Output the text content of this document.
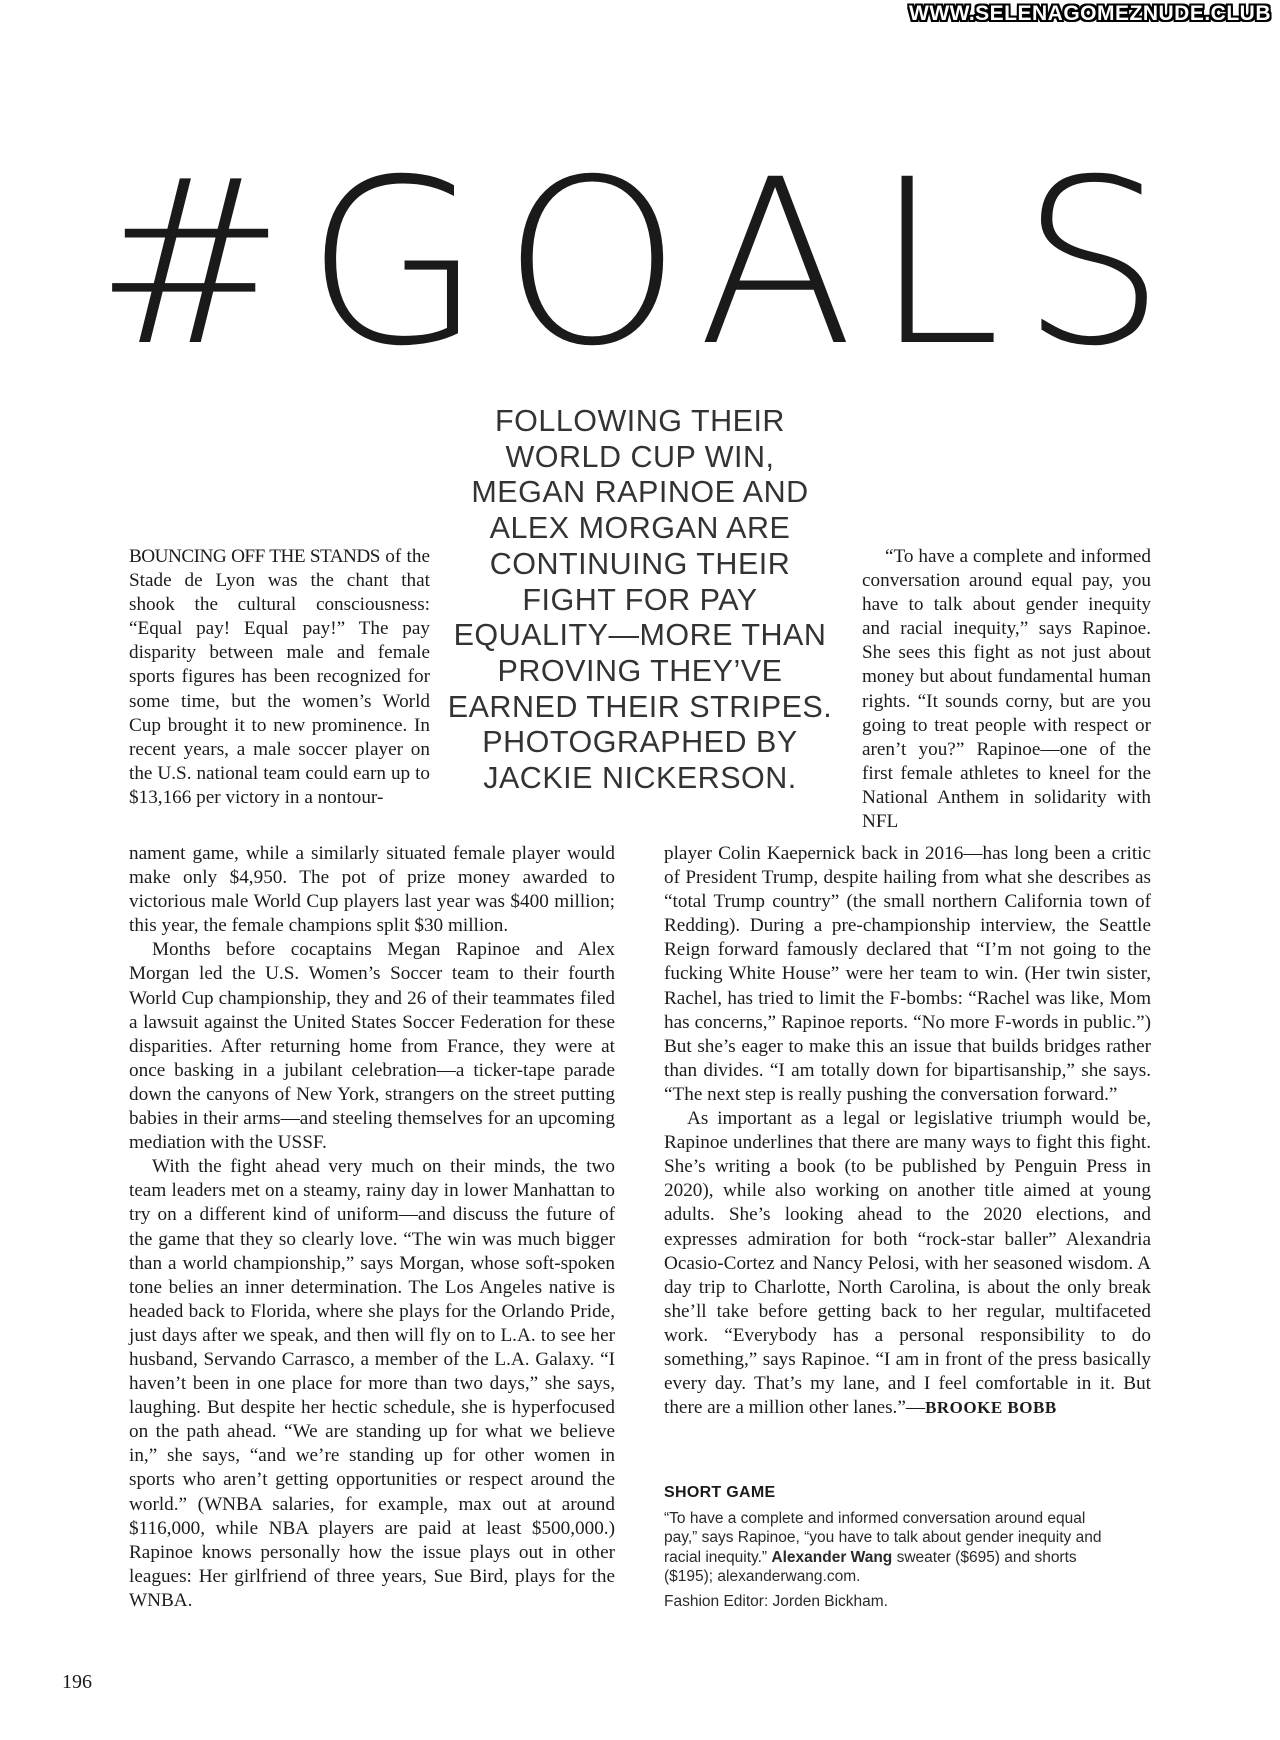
WWW.SELENAGOMEZNUDE.CLUB
#GOALS
FOLLOWING THEIR
WORLD CUP WIN,
MEGAN RAPINOE AND
ALEX MORGAN ARE
CONTINUING THEIR
FIGHT FOR PAY
EQUALITY—MORE THAN
PROVING THEY’VE
EARNED THEIR STRIPES.
PHOTOGRAPHED BY
JACKIE NICKERSON.

BOUNCING OFF THE STANDS of the Stade de Lyon was the chant that shook the cultural consciousness: “Equal pay! Equal pay!” The pay disparity between male and female sports figures has been recognized for some time, but the women’s World Cup brought it to new prominence. In recent years, a male soccer player on the U.S. national team could earn up to $13,166 per victory in a nontour-

nament game, while a similarly situated female player would make only $4,950. The pot of prize money awarded to victorious male World Cup players last year was $400 million; this year, the female champions split $30 million.

Months before cocaptains Megan Rapinoe and Alex Morgan led the U.S. Women’s Soccer team to their fourth World Cup championship, they and 26 of their teammates filed a lawsuit against the United States Soccer Federation for these disparities. After returning home from France, they were at once basking in a jubilant celebration—a ticker-tape parade down the canyons of New York, strangers on the street putting babies in their arms—and steeling themselves for an upcoming mediation with the USSF.

With the fight ahead very much on their minds, the two team leaders met on a steamy, rainy day in lower Manhattan to try on a different kind of uniform—and discuss the future of the game that they so clearly love. “The win was much bigger than a world championship,” says Morgan, whose soft-spoken tone belies an inner determination. The Los Angeles native is headed back to Florida, where she plays for the Orlando Pride, just days after we speak, and then will fly on to L.A. to see her husband, Servando Carrasco, a member of the L.A. Galaxy. “I haven’t been in one place for more than two days,” she says, laughing. But despite her hectic schedule, she is hyperfocused on the path ahead. “We are standing up for what we believe in,” she says, “and we’re standing up for other women in sports who aren’t getting opportunities or respect around the world.” (WNBA salaries, for example, max out at around $116,000, while NBA players are paid at least $500,000.) Rapinoe knows personally how the issue plays out in other leagues: Her girlfriend of three years, Sue Bird, plays for the WNBA.

“To have a complete and informed conversation around equal pay, you have to talk about gender inequity and racial inequity,” says Rapinoe. She sees this fight as not just about money but about fundamental human rights. “It sounds corny, but are you going to treat people with respect or aren’t you?” Rapinoe—one of the first female athletes to kneel for the National Anthem in solidarity with NFL

player Colin Kaepernick back in 2016—has long been a critic of President Trump, despite hailing from what she describes as “total Trump country” (the small northern California town of Redding). During a pre-championship interview, the Seattle Reign forward famously declared that “I’m not going to the fucking White House” were her team to win. (Her twin sister, Rachel, has tried to limit the F-bombs: “Rachel was like, Mom has concerns,” Rapinoe reports. “No more F-words in public.”) But she’s eager to make this an issue that builds bridges rather than divides. “I am totally down for bipartisanship,” she says. “The next step is really pushing the conversation forward.”

As important as a legal or legislative triumph would be, Rapinoe underlines that there are many ways to fight this fight. She’s writing a book (to be published by Penguin Press in 2020), while also working on another title aimed at young adults. She’s looking ahead to the 2020 elections, and expresses admiration for both “rock-star baller” Alexandria Ocasio-Cortez and Nancy Pelosi, with her seasoned wisdom. A day trip to Charlotte, North Carolina, is about the only break she’ll take before getting back to her regular, multifaceted work. “Everybody has a personal responsibility to do something,” says Rapinoe. “I am in front of the press basically every day. That’s my lane, and I feel comfortable in it. But there are a million other lanes.”—BROOKE BOBB

SHORT GAME
“To have a complete and informed conversation around equal pay,” says Rapinoe, “you have to talk about gender inequity and racial inequity.” Alexander Wang sweater ($695) and shorts ($195); alexanderwang.com.
Fashion Editor: Jorden Bickham.
196
